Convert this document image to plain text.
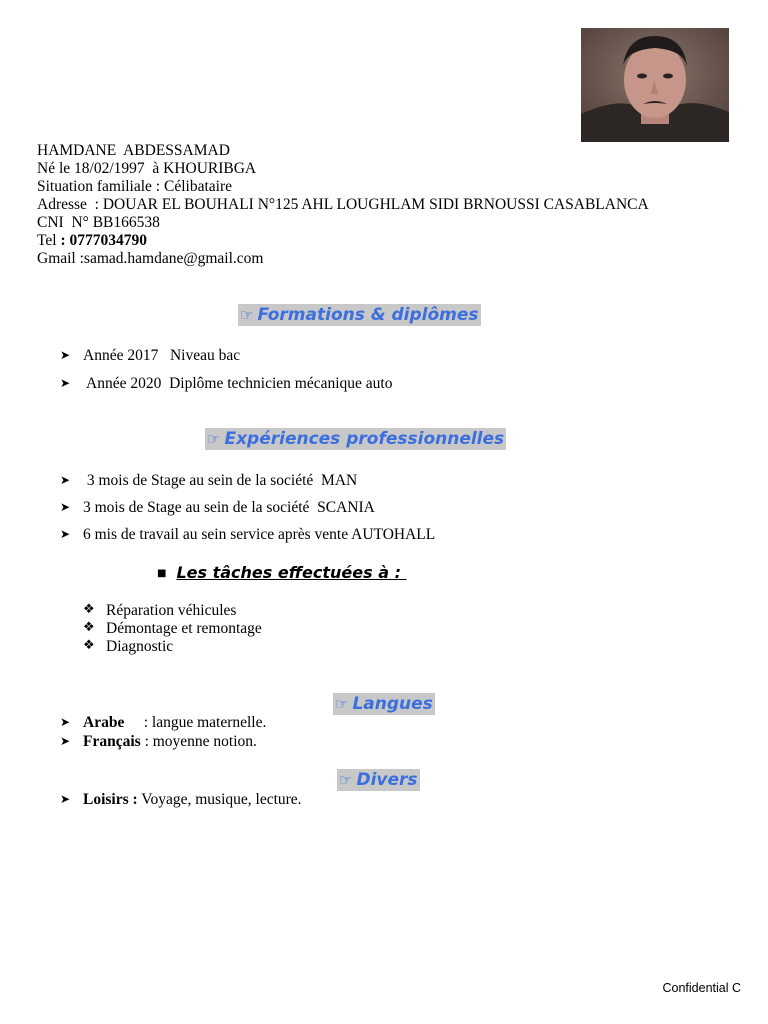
HAMDANE  ABDESSAMAD
Né le 18/02/1997  à KHOURIBGA
Situation familiale : Célibataire
Adresse  : DOUAR EL BOUHALI N°125 AHL LOUGHLAM SIDI BRNOUSSI CASABLANCA
CNI  N° BB166538
Tel : 0777034790
Gmail :samad.hamdane@gmail.com
☞ Formations & diplômes
➤ Année 2017   Niveau bac
➤ Année 2020  Diplôme technicien mécanique auto
☞ Expériences professionnelles
➤ 3 mois de Stage au sein de la société  MAN
➤ 3 mois de Stage au sein de la société  SCANIA
➤ 6 mis de travail au sein service après vente AUTOHALL
■ Les tâches effectuées à :
❖ Réparation véhicules
❖ Démontage et remontage
❖ Diagnostic
☞ Langues
➤ Arabe     : langue maternelle.
➤ Français : moyenne notion.
☞ Divers
➤ Loisirs : Voyage, musique, lecture.
Confidential C
